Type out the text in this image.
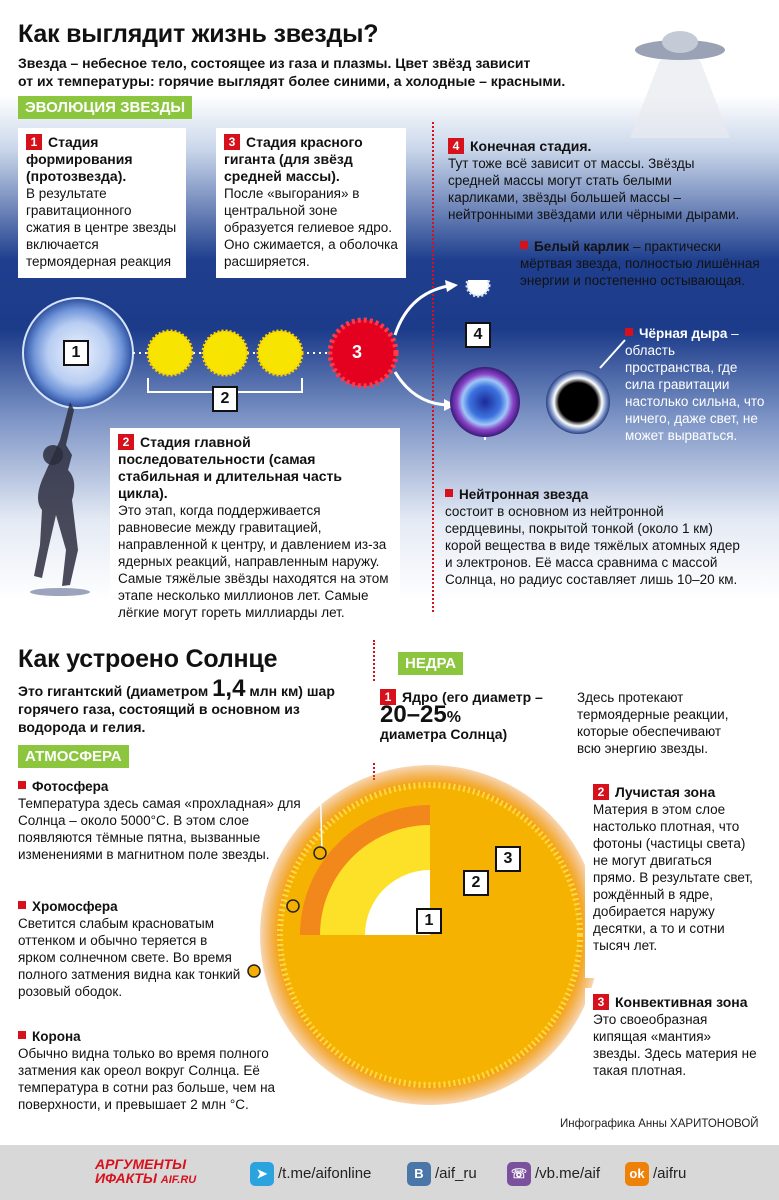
Как выглядит жизнь звезды?
Звезда – небесное тело, состоящее из газа и плазмы. Цвет звёзд зависит
от их температуры: горячие выглядят более синими, а холодные – красными.
ЭВОЛЮЦИЯ ЗВЕЗДЫ
1 Стадия формирования (протозвезда).
В результате гравитационного сжатия в центре звезды включается термоядерная реакция
3 Стадия красного гиганта (для звёзд средней массы).
После «выгорания» в центральной зоне образуется гелиевое ядро. Оно сжимается, а оболочка расширяется.
4 Конечная стадия.
Тут тоже всё зависит от массы. Звёзды средней массы могут стать белыми карликами, звёзды большей массы – нейтронными звёздами или чёрными дырами.
1
2
3
4
Белый карлик – практически мёртвая звезда, полностью лишённая энергии и постепенно остывающая.
Чёрная дыра – область пространства, где сила гравитации настолько сильна, что ничего, даже свет, не может вырваться.
Нейтронная звезда
состоит в основном из нейтронной сердцевины, покрытой тонкой (около 1 км) корой вещества в виде тяжёлых атомных ядер и электронов. Её масса сравнима с массой Солнца, но радиус составляет лишь 10–20 км.
2 Стадия главной последовательности (самая стабильная и длительная часть цикла).
Это этап, когда поддерживается равновесие между гравитацией, направленной к центру, и давлением из-за ядерных реакций, направленным наружу. Самые тяжёлые звёзды находятся на этом этапе несколько миллионов лет. Самые лёгкие могут гореть миллиарды лет.
Как устроено Солнце
Это гигантский (диаметром 1,4 млн км) шар горячего газа, состоящий в основном из водорода и гелия.
АТМОСФЕРА
НЕДРА
1 Ядро (его диаметр –
20–25%
диаметра Солнца)
Здесь протекают термоядерные реакции, которые обеспечивают всю энергию звезды.
1
2
3
Фотосфера
Температура здесь самая «прохладная» для Солнца – около 5000°С. В этом слое появляются тёмные пятна, вызванные изменениями в магнитном поле звезды.
Хромосфера
Светится слабым красноватым оттенком и обычно теряется в ярком солнечном свете. Во время полного затмения видна как тонкий розовый ободок.
Корона
Обычно видна только во время полного затмения как ореол вокруг Солнца. Её температура в сотни раз больше, чем на поверхности, и превышает 2 млн °С.
2 Лучистая зона
Материя в этом слое настолько плотная, что фотоны (частицы света) не могут двигаться прямо. В результате свет, рождённый в ядре, добирается наружу десятки, а то и сотни тысяч лет.
3 Конвективная зона
Это своеобразная кипящая «мантия» звезды. Здесь материя не такая плотная.
Инфографика Анны ХАРИТОНОВОЙ
АРГУМЕНТЫ
ИФАКТЫ AIF.RU	➤ /t.me/aifonline	В /aif_ru	☏ /vb.me/aif	ok /aifru
